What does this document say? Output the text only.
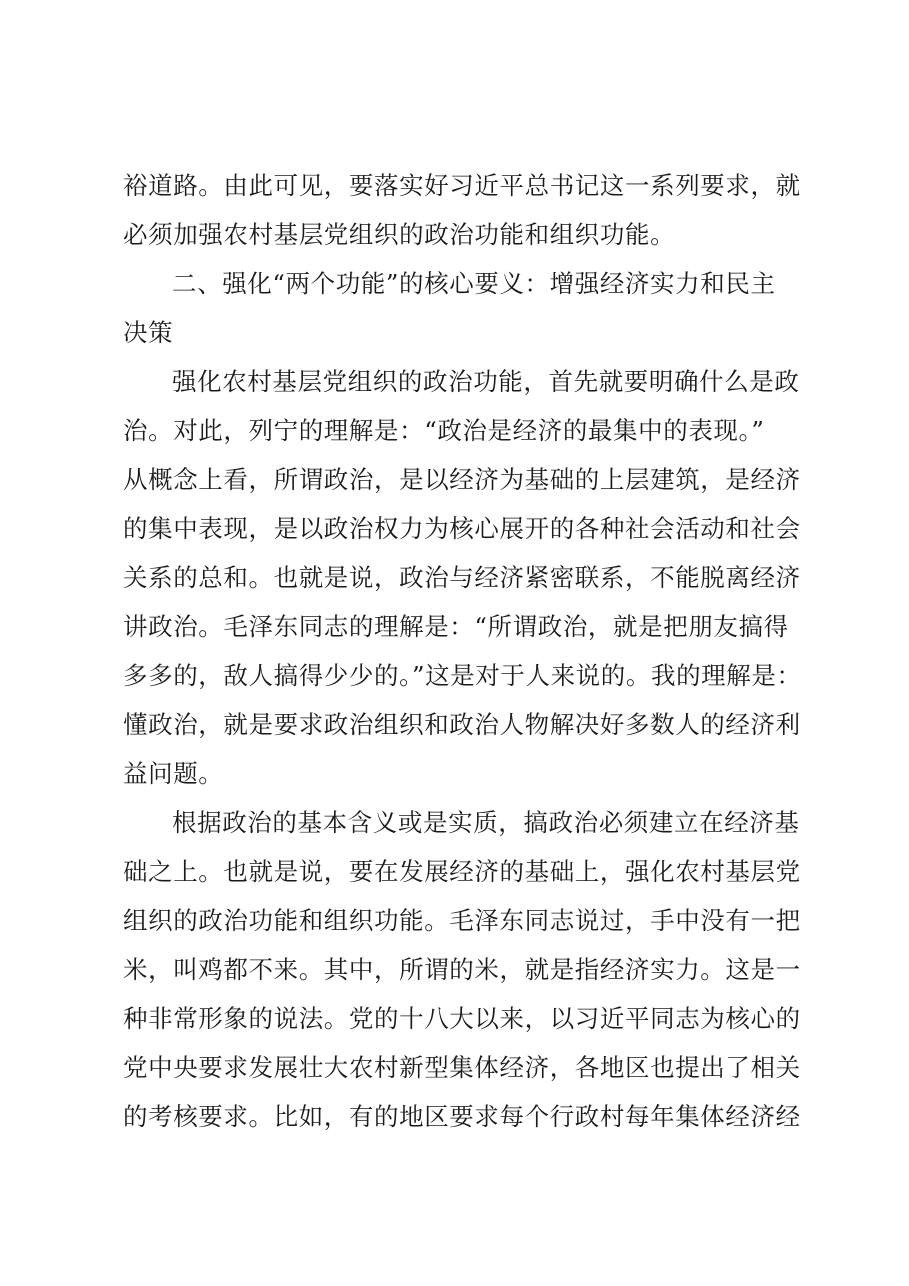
裕道路。由此可见，要落实好习近平总书记这一系列要求，就
必须加强农村基层党组织的政治功能和组织功能。
二、强化“两个功能”的核心要义：增强经济实力和民主
决策
强化农村基层党组织的政治功能，首先就要明确什么是政
治。对此，列宁的理解是：“政治是经济的最集中的表现。”
从概念上看，所谓政治，是以经济为基础的上层建筑，是经济
的集中表现，是以政治权力为核心展开的各种社会活动和社会
关系的总和。也就是说，政治与经济紧密联系，不能脱离经济
讲政治。毛泽东同志的理解是：“所谓政治，就是把朋友搞得
多多的，敌人搞得少少的。”这是对于人来说的。我的理解是：
懂政治，就是要求政治组织和政治人物解决好多数人的经济利
益问题。
根据政治的基本含义或是实质，搞政治必须建立在经济基
础之上。也就是说，要在发展经济的基础上，强化农村基层党
组织的政治功能和组织功能。毛泽东同志说过，手中没有一把
米，叫鸡都不来。其中，所谓的米，就是指经济实力。这是一
种非常形象的说法。党的十八大以来，以习近平同志为核心的
党中央要求发展壮大农村新型集体经济，各地区也提出了相关
的考核要求。比如，有的地区要求每个行政村每年集体经济经
